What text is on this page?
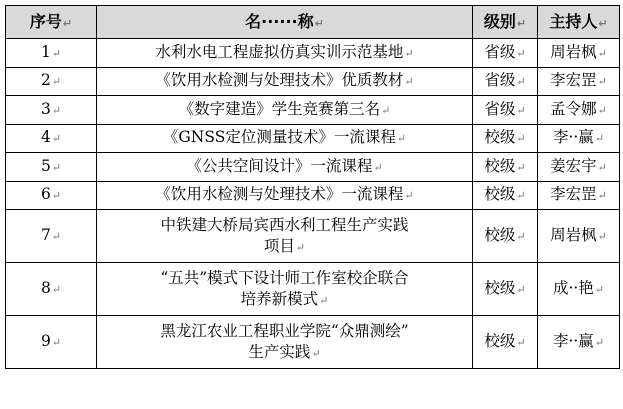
序号↵	名······称↵	级别↵	主持人↵
1↵	水利水电工程虚拟仿真实训示范基地↵	省级↵	周岩枫↵
2↵	《饮用水检测与处理技术》优质教材↵	省级↵	李宏罡↵
3↵	《数字建造》学生竞赛第三名↵	省级↵	孟令娜↵
4↵	《GNSS定位测量技术》一流课程↵	校级↵	李··赢↵
5↵	《公共空间设计》一流课程↵	校级↵	姜宏宇↵
6↵	《饮用水检测与处理技术》一流课程↵	校级↵	李宏罡↵
7↵	中铁建大桥局宾西水利工程生产实践
项目↵	校级↵	周岩枫↵
8↵	“五共”模式下设计师工作室校企联合
培养新模式↵	校级↵	成··艳↵
9↵	黑龙江农业工程职业学院“众鼎测绘”
生产实践↵	校级↵	李··赢↵
